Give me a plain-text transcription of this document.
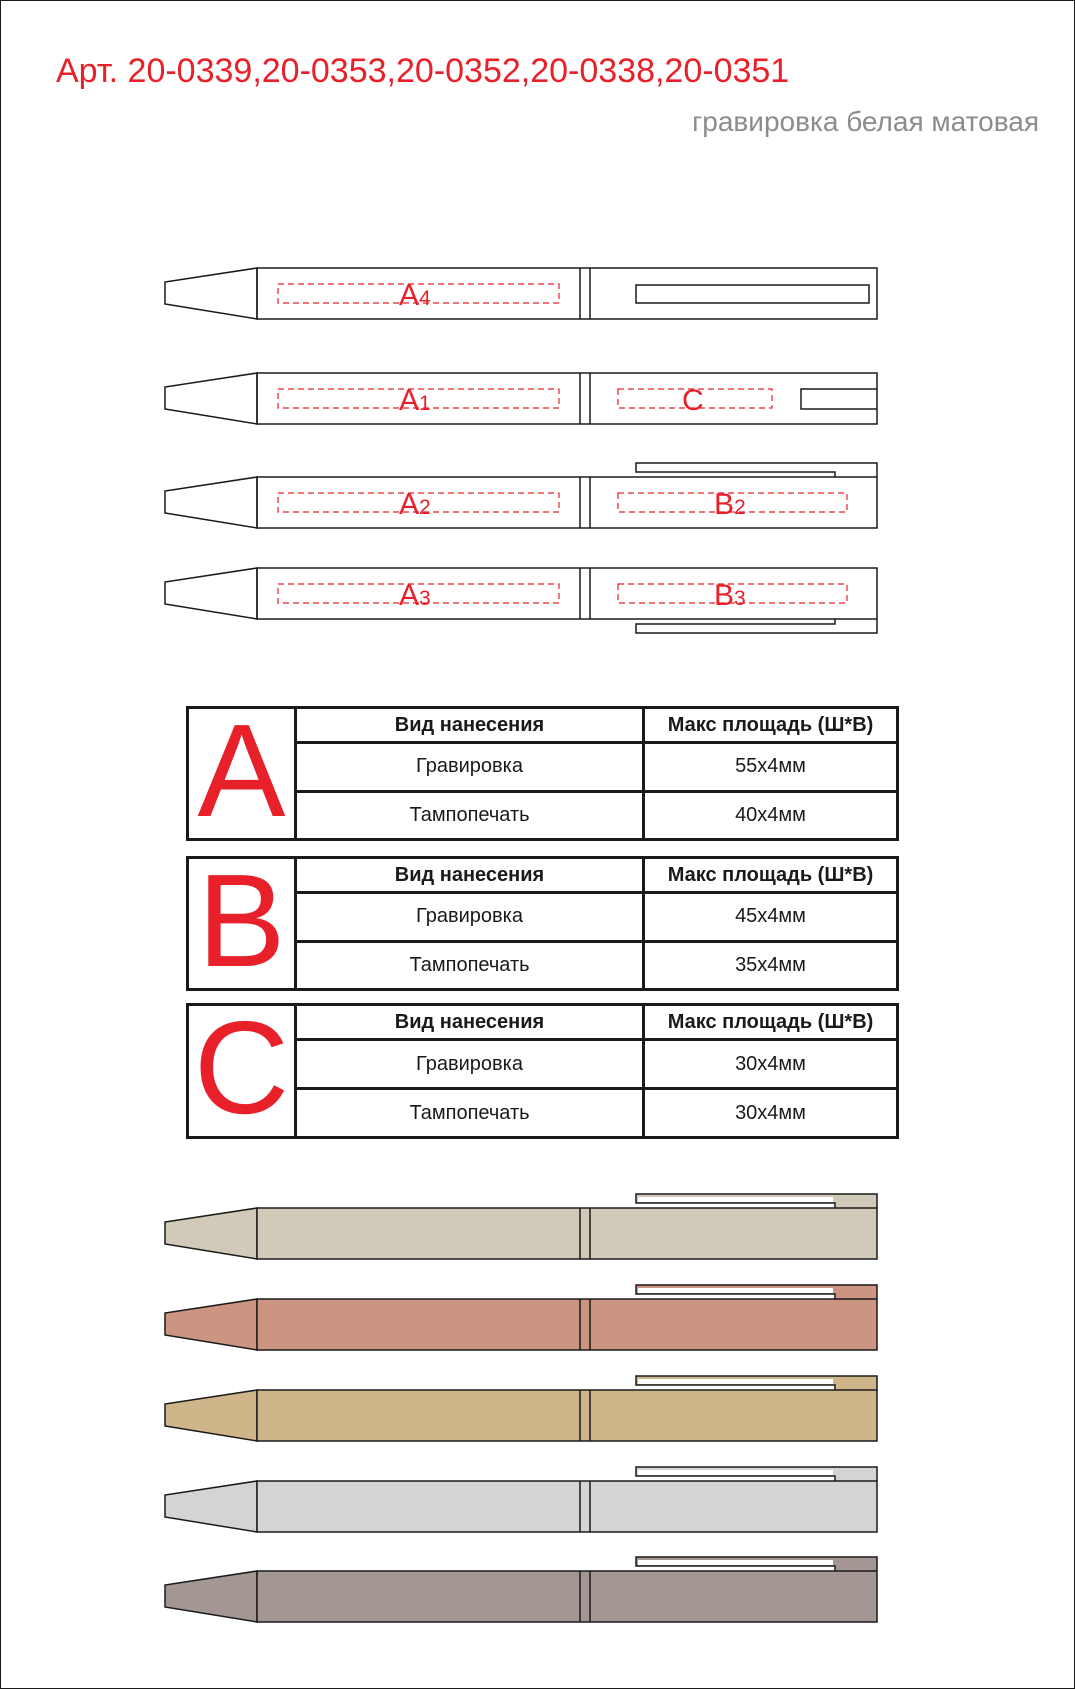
Арт. 20-0339,20-0353,20-0352,20-0338,20-0351
гравировка белая матовая
A4
A1	C
A2	B2
A3	B3
A	Вид нанесения	Макс площадь (Ш*В)
Гравировка	55x4мм
Тампопечать	40x4мм
B	Вид нанесения	Макс площадь (Ш*В)
Гравировка	45x4мм
Тампопечать	35x4мм
C	Вид нанесения	Макс площадь (Ш*В)
Гравировка	30x4мм
Тампопечать	30x4мм
